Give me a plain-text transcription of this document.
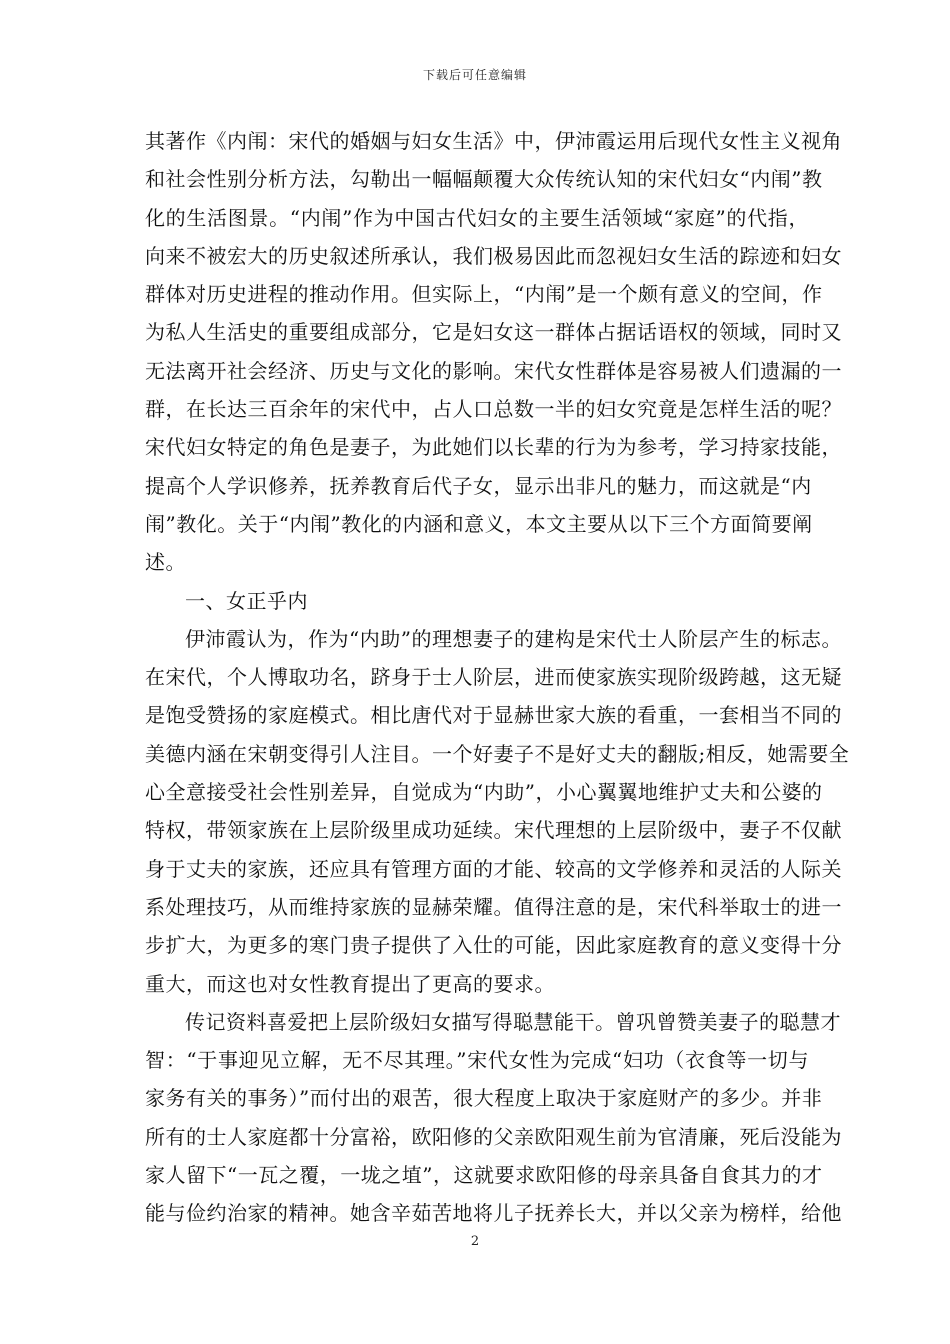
下载后可任意编辑
其著作《内闱：宋代的婚姻与妇女生活》中，伊沛霞运用后现代女性主义视角
和社会性别分析方法，勾勒出一幅幅颠覆大众传统认知的宋代妇女“内闱”教
化的生活图景。“内闱”作为中国古代妇女的主要生活领域“家庭”的代指，
向来不被宏大的历史叙述所承认，我们极易因此而忽视妇女生活的踪迹和妇女
群体对历史进程的推动作用。但实际上，“内闱”是一个颇有意义的空间，作
为私人生活史的重要组成部分，它是妇女这一群体占据话语权的领域，同时又
无法离开社会经济、历史与文化的影响。宋代女性群体是容易被人们遗漏的一
群，在长达三百余年的宋代中，占人口总数一半的妇女究竟是怎样生活的呢？
宋代妇女特定的角色是妻子，为此她们以长辈的行为为参考，学习持家技能，
提高个人学识修养，抚养教育后代子女，显示出非凡的魅力，而这就是“内
闱”教化。关于“内闱”教化的内涵和意义，本文主要从以下三个方面简要阐
述。
一、女正乎内
伊沛霞认为，作为“内助”的理想妻子的建构是宋代士人阶层产生的标志。
在宋代，个人博取功名，跻身于士人阶层，进而使家族实现阶级跨越，这无疑
是饱受赞扬的家庭模式。相比唐代对于显赫世家大族的看重，一套相当不同的
美德内涵在宋朝变得引人注目。一个好妻子不是好丈夫的翻版;相反，她需要全
心全意接受社会性别差异，自觉成为“内助”，小心翼翼地维护丈夫和公婆的
特权，带领家族在上层阶级里成功延续。宋代理想的上层阶级中，妻子不仅献
身于丈夫的家族，还应具有管理方面的才能、较高的文学修养和灵活的人际关
系处理技巧，从而维持家族的显赫荣耀。值得注意的是，宋代科举取士的进一
步扩大，为更多的寒门贵子提供了入仕的可能，因此家庭教育的意义变得十分
重大，而这也对女性教育提出了更高的要求。
传记资料喜爱把上层阶级妇女描写得聪慧能干。曾巩曾赞美妻子的聪慧才
智：“于事迎见立解，无不尽其理。”宋代女性为完成“妇功（衣食等一切与
家务有关的事务）”而付出的艰苦，很大程度上取决于家庭财产的多少。并非
所有的士人家庭都十分富裕，欧阳修的父亲欧阳观生前为官清廉，死后没能为
家人留下“一瓦之覆，一垅之埴”，这就要求欧阳修的母亲具备自食其力的才
能与俭约治家的精神。她含辛茹苦地将儿子抚养长大，并以父亲为榜样，给他
2
